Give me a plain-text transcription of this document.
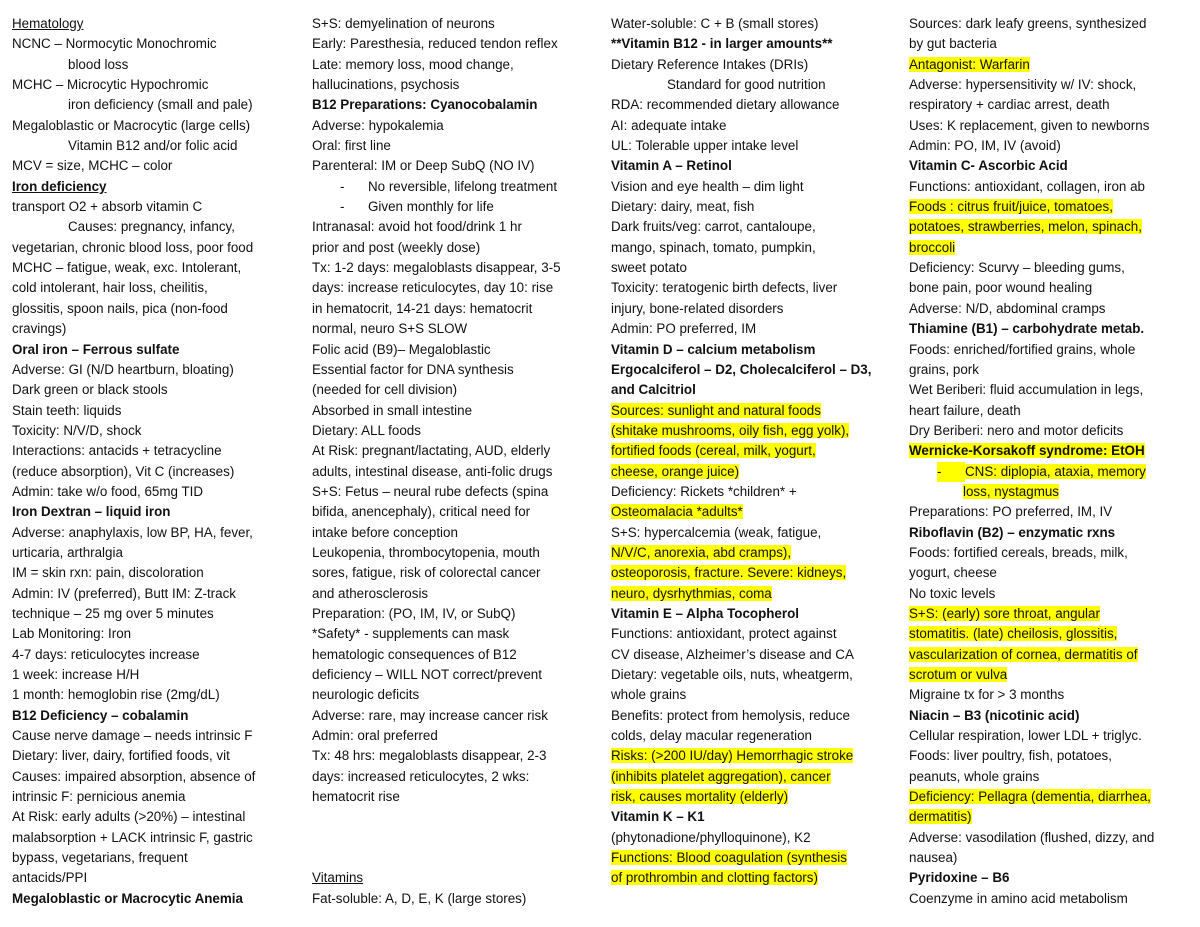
Hematology
NCNC – Normocytic Monochromic
blood loss
MCHC – Microcytic Hypochromic
iron deficiency (small and pale)
Megaloblastic or Macrocytic (large cells)
Vitamin B12 and/or folic acid
MCV = size, MCHC – color
Iron deficiency
transport O2 + absorb vitamin C
Causes: pregnancy, infancy,
vegetarian, chronic blood loss, poor food
MCHC – fatigue, weak, exc. Intolerant,
cold intolerant, hair loss, cheilitis,
glossitis, spoon nails, pica (non-food
cravings)
Oral iron – Ferrous sulfate
Adverse: GI (N/D heartburn, bloating)
Dark green or black stools
Stain teeth: liquids
Toxicity: N/V/D, shock
Interactions: antacids + tetracycline
(reduce absorption), Vit C (increases)
Admin: take w/o food, 65mg TID
Iron Dextran – liquid iron
Adverse: anaphylaxis, low BP, HA, fever,
urticaria, arthralgia
IM = skin rxn: pain, discoloration
Admin: IV (preferred), Butt IM: Z-track
technique – 25 mg over 5 minutes
Lab Monitoring: Iron
4-7 days: reticulocytes increase
1 week: increase H/H
1 month: hemoglobin rise (2mg/dL)
B12 Deficiency – cobalamin
Cause nerve damage – needs intrinsic F
Dietary: liver, dairy, fortified foods, vit
Causes: impaired absorption, absence of
intrinsic F: pernicious anemia
At Risk: early adults (>20%) – intestinal
malabsorption + LACK intrinsic F, gastric
bypass, vegetarians, frequent
antacids/PPI
Megaloblastic or Macrocytic Anemia
S+S: demyelination of neurons
Early: Paresthesia, reduced tendon reflex
Late: memory loss, mood change,
hallucinations, psychosis
B12 Preparations: Cyanocobalamin
Adverse: hypokalemia
Oral: first line
Parenteral: IM or Deep SubQ (NO IV)
- No reversible, lifelong treatment
- Given monthly for life
Intranasal: avoid hot food/drink 1 hr
prior and post (weekly dose)
Tx: 1-2 days: megaloblasts disappear, 3-5
days: increase reticulocytes, day 10: rise
in hematocrit, 14-21 days: hematocrit
normal, neuro S+S SLOW
Folic acid (B9)– Megaloblastic
Essential factor for DNA synthesis
(needed for cell division)
Absorbed in small intestine
Dietary: ALL foods
At Risk: pregnant/lactating, AUD, elderly
adults, intestinal disease, anti-folic drugs
S+S: Fetus – neural rube defects (spina
bifida, anencephaly), critical need for
intake before conception
Leukopenia, thrombocytopenia, mouth
sores, fatigue, risk of colorectal cancer
and atherosclerosis
Preparation: (PO, IM, IV, or SubQ)
*Safety* - supplements can mask
hematologic consequences of B12
deficiency – WILL NOT correct/prevent
neurologic deficits
Adverse: rare, may increase cancer risk
Admin: oral preferred
Tx: 48 hrs: megaloblasts disappear, 2-3
days: increased reticulocytes, 2 wks:
hematocrit rise
Vitamins
Fat-soluble: A, D, E, K (large stores)
Water-soluble: C + B (small stores)
**Vitamin B12 - in larger amounts**
Dietary Reference Intakes (DRIs)
Standard for good nutrition
RDA: recommended dietary allowance
AI: adequate intake
UL: Tolerable upper intake level
Vitamin A – Retinol
Vision and eye health – dim light
Dietary: dairy, meat, fish
Dark fruits/veg: carrot, cantaloupe,
mango, spinach, tomato, pumpkin,
sweet potato
Toxicity: teratogenic birth defects, liver
injury, bone-related disorders
Admin: PO preferred, IM
Vitamin D – calcium metabolism
Ergocalciferol – D2, Cholecalciferol – D3,
and Calcitriol
Sources: sunlight and natural foods
(shitake mushrooms, oily fish, egg yolk),
fortified foods (cereal, milk, yogurt,
cheese, orange juice)
Deficiency: Rickets *children* +
Osteomalacia *adults*
S+S: hypercalcemia (weak, fatigue,
N/V/C, anorexia, abd cramps),
osteoporosis, fracture. Severe: kidneys,
neuro, dysrhythmias, coma
Vitamin E – Alpha Tocopherol
Functions: antioxidant, protect against
CV disease, Alzheimer’s disease and CA
Dietary: vegetable oils, nuts, wheatgerm,
whole grains
Benefits: protect from hemolysis, reduce
colds, delay macular regeneration
Risks: (>200 IU/day) Hemorrhagic stroke
(inhibits platelet aggregation), cancer
risk, causes mortality (elderly)
Vitamin K – K1
(phytonadione/phylloquinone), K2
Functions: Blood coagulation (synthesis
of prothrombin and clotting factors)
Sources: dark leafy greens, synthesized
by gut bacteria
Antagonist: Warfarin
Adverse: hypersensitivity w/ IV: shock,
respiratory + cardiac arrest, death
Uses: K replacement, given to newborns
Admin: PO, IM, IV (avoid)
Vitamin C- Ascorbic Acid
Functions: antioxidant, collagen, iron ab
Foods : citrus fruit/juice, tomatoes,
potatoes, strawberries, melon, spinach,
broccoli
Deficiency: Scurvy – bleeding gums,
bone pain, poor wound healing
Adverse: N/D, abdominal cramps
Thiamine (B1) – carbohydrate metab.
Foods: enriched/fortified grains, whole
grains, pork
Wet Beriberi: fluid accumulation in legs,
heart failure, death
Dry Beriberi: nero and motor deficits
Wernicke-Korsakoff syndrome: EtOH
- CNS: diplopia, ataxia, memory
loss, nystagmus
Preparations: PO preferred, IM, IV
Riboflavin (B2) – enzymatic rxns
Foods: fortified cereals, breads, milk,
yogurt, cheese
No toxic levels
S+S: (early) sore throat, angular
stomatitis. (late) cheilosis, glossitis,
vascularization of cornea, dermatitis of
scrotum or vulva
Migraine tx for > 3 months
Niacin – B3 (nicotinic acid)
Cellular respiration, lower LDL + triglyc.
Foods: liver poultry, fish, potatoes,
peanuts, whole grains
Deficiency: Pellagra (dementia, diarrhea,
dermatitis)
Adverse: vasodilation (flushed, dizzy, and
nausea)
Pyridoxine – B6
Coenzyme in amino acid metabolism
